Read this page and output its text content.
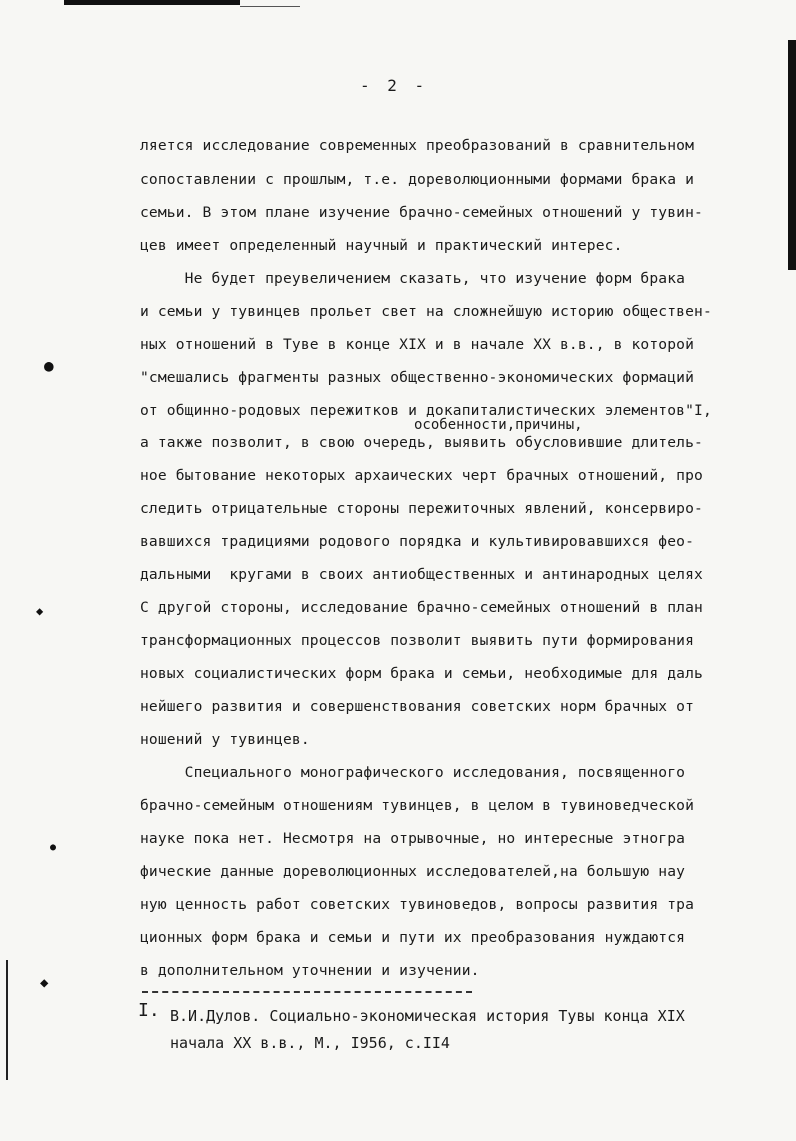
●
◆
●
◆
- 2 -
ляется исследование современных преобразований в сравнительном
сопоставлении с прошлым, т.е. дореволюционными формами брака и
семьи. В этом плане изучение брачно-семейных отношений у тувин-
цев имеет определенный научный и практический интерес.
Не будет преувеличением сказать, что изучение форм брака
и семьи у тувинцев прольет свет на сложнейшую историю обществен-
ных отношений в Туве в конце XIX и в начале XX в.в., в которой
"смешались фрагменты разных общественно-экономических формаций
от общинно-родовых пережитков и докапиталистических элементов"I,
особенности,причины,
а также позволит, в свою очередь, выявить обусловившие длитель-
ное бытование некоторых архаических черт брачных отношений, про
следить отрицательные стороны пережиточных явлений, консервиро-
вавшихся традициями родового порядка и культивировавшихся феo-
дальными  кругами в своих антиобщественных и антинародных целях
С другой стороны, исследование брачно-семейных отношений в план
трансформационных процессов позволит выявить пути формирования
новых социалистических форм брака и семьи, необходимые для даль
нейшего развития и совершенствования советских норм брачных от
ношений у тувинцев.
Специального монографического исследования, посвященного
брачно-семейным отношениям тувинцев, в целом в тувиноведческой
науке пока нет. Несмотря на отрывочные, но интересные этногра
фические данные дореволюционных исследователей,на большую нау
ную ценность работ советских тувиноведов, вопросы развития тра
ционных форм брака и семьи и пути их преобразования нуждаются
в дополнительном уточнении и изучении.
I. В.И.Дулов. Социально-экономическая история Тувы конца XIX
начала XX в.в., М., I956, с.II4
